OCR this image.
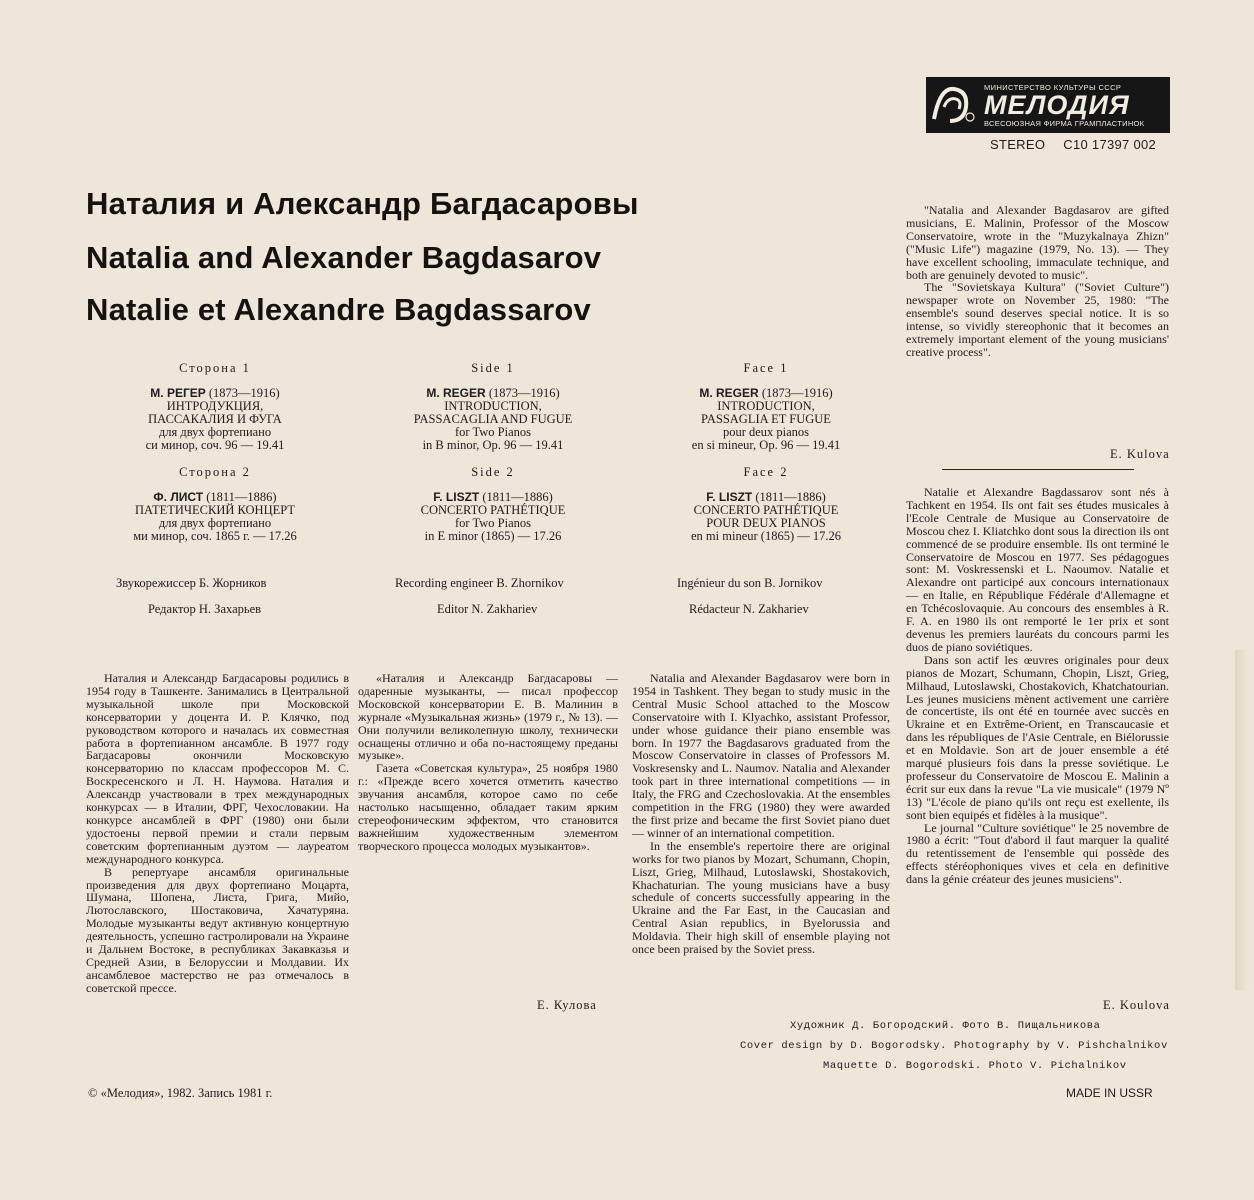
МИНИСТЕРСТВО КУЛЬТУРЫ СССР
МЕЛОДИЯ
ВСЕСОЮЗНАЯ ФИРМА ГРАМПЛАСТИНОК
STEREO C10 17397 002
Наталия и Александр Багдасаровы
Natalia and Alexander Bagdasarov
Natalie et Alexandre Bagdassarov
Сторона 1
М. РЕГЕР (1873—1916)
ИНТРОДУКЦИЯ,
ПАССАКАЛИЯ И ФУГА
для двух фортепиано
си минор, соч. 96 — 19.41
Сторона 2
Ф. ЛИСТ (1811—1886)
ПАТЕТИЧЕСКИЙ КОНЦЕРТ
для двух фортепиано
ми минор, соч. 1865 г. — 17.26
Side 1
M. REGER (1873—1916)
INTRODUCTION,
PASSACAGLIA AND FUGUE
for Two Pianos
in B minor, Op. 96 — 19.41
Side 2
F. LISZT (1811—1886)
CONCERTO PATHÉTIQUE
for Two Pianos
in E minor (1865) — 17.26
Face 1
M. REGER (1873—1916)
INTRODUCTION,
PASSAGLIA ET FUGUE
pour deux pianos
en si mineur, Op. 96 — 19.41
Face 2
F. LISZT (1811—1886)
CONCERTO PATHÉTIQUE
POUR DEUX PIANOS
en mi mineur (1865) — 17.26
Звукорежиссер Б. Жорников
Редактор Н. Захарьев
Recording engineer B. Zhornikov
Editor N. Zakhariev
Ingénieur du son B. Jornikov
Rédacteur N. Zakhariev

Наталия и Александр Багдасаровы родились в 1954 году в Ташкенте. Занимались в Центральной музыкальной школе при Московской консерватории у доцента И. Р. Клячко, под руководством которого и началась их совместная работа в фортепианном ансамбле. В 1977 году Багдасаровы окончили Московскую консерваторию по классам профессоров М. С. Воскресенского и Л. Н. Наумова. Наталия и Александр участвовали в трех международных конкурсах — в Италии, ФРГ, Чехословакии. На конкурсе ансамблей в ФРГ (1980) они были удостоены первой премии и стали первым советским фортепианным дуэтом — лауреатом международного конкурса.

В репертуаре ансамбля оригинальные произведения для двух фортепиано Моцарта, Шумана, Шопена, Листа, Грига, Мийо, Лютославского, Шостаковича, Хачатуряна. Молодые музыканты ведут активную концертную деятельность, успешно гастролировали на Украине и Дальнем Востоке, в республиках Закавказья и Средней Азии, в Белоруссии и Молдавии. Их ансамблевое мастерство не раз отмечалось в советской прессе.

«Наталия и Александр Багдасаровы — одаренные музыканты, — писал профессор Московской консерватории Е. В. Малинин в журнале «Музыкальная жизнь» (1979 г., № 13). — Они получили великолепную школу, технически оснащены отлично и оба по-настоящему преданы музыке».

Газета «Советская культура», 25 ноября 1980 г.: «Прежде всего хочется отметить качество звучания ансамбля, которое само по себе настолько насыщенно, обладает таким ярким стереофоническим эффектом, что становится важнейшим художественным элементом творческого процесса молодых музыкантов».

Е. Кулова

Natalia and Alexander Bagdasarov were born in 1954 in Tashkent. They began to study music in the Central Music School attached to the Moscow Conservatoire with I. Klyachko, assistant Professor, under whose guidance their piano ensemble was born. In 1977 the Bagdasarovs graduated from the Moscow Conservatoire in classes of Professors M. Voskresensky and L. Naumov. Natalia and Alexander took part in three international competitions — in Italy, the FRG and Czechoslovakia. At the ensembles competition in the FRG (1980) they were awarded the first prize and became the first Soviet piano duet — winner of an international competition.

In the ensemble's repertoire there are original works for two pianos by Mozart, Schumann, Chopin, Liszt, Grieg, Milhaud, Lutoslawski, Shostakovich, Khachaturian. The young musicians have a busy schedule of concerts successfully appearing in the Ukraine and the Far East, in the Caucasian and Central Asian republics, in Byelorussia and Moldavia. Their high skill of ensemble playing not once been praised by the Soviet press.

"Natalia and Alexander Bagdasarov are gifted musicians, E. Malinin, Professor of the Moscow Conservatoire, wrote in the "Muzykalnaya Zhizn" ("Music Life") magazine (1979, No. 13). — They have excellent schooling, immaculate technique, and both are genuinely devoted to music".

The "Sovietskaya Kultura" ("Soviet Culture") newspaper wrote on November 25, 1980: "The ensemble's sound deserves special notice. It is so intense, so vividly stereophonic that it becomes an extremely important element of the young musicians' creative process".

E. Kulova

Natalie et Alexandre Bagdassarov sont nés à Tachkent en 1954. Ils ont fait ses études musicales à l'Ecole Centrale de Musique au Conservatoire de Moscou chez I. Kliatchko dont sous la direction ils ont commencé de se produire ensemble. Ils ont terminé le Conservatoire de Moscou en 1977. Ses pédagogues sont: M. Voskressenski et L. Naoumov. Natalie et Alexandre ont participé aux concours internationaux — en Italie, en République Fédérale d'Allemagne et en Tchécoslovaquie. Au concours des ensembles à R. F. A. en 1980 ils ont remporté le 1er prix et sont devenus les premiers lauréats du concours parmi les duos de piano soviétiques.

Dans son actif les œuvres originales pour deux pianos de Mozart, Schumann, Chopin, Liszt, Grieg, Milhaud, Lutoslawski, Chostakovich, Khatchatourian. Les jeunes musiciens mènent activement une carrière de concertiste, ils ont été en tournée avec succès en Ukraine et en Extrême-Orient, en Transcaucasie et dans les républiques de l'Asie Centrale, en Biélorussie et en Moldavie. Son art de jouer ensemble a été marqué plusieurs fois dans la presse soviétique. Le professeur du Conservatoire de Moscou E. Malinin a écrit sur eux dans la revue "La vie musicale" (1979 Nº 13) "L'école de piano qu'ils ont reçu est exellente, ils sont bien equipés et fidèles à la musique".

Le journal "Culture soviétique" le 25 novembre de 1980 a écrit: "Tout d'abord il faut marquer la qualité du retentissement de l'ensemble qui possède des effects stéréophoniques vives et cela en definitive dans la génie créateur des jeunes musiciens".

E. Koulova
Художник Д. Богородский. Фото В. Пищальникова
Cover design by D. Bogorodsky. Photography by V. Pishchalnikov
Maquette D. Bogorodski. Photo V. Pichalnikov
© «Мелодия», 1982. Запись 1981 г.	MADE IN USSR
